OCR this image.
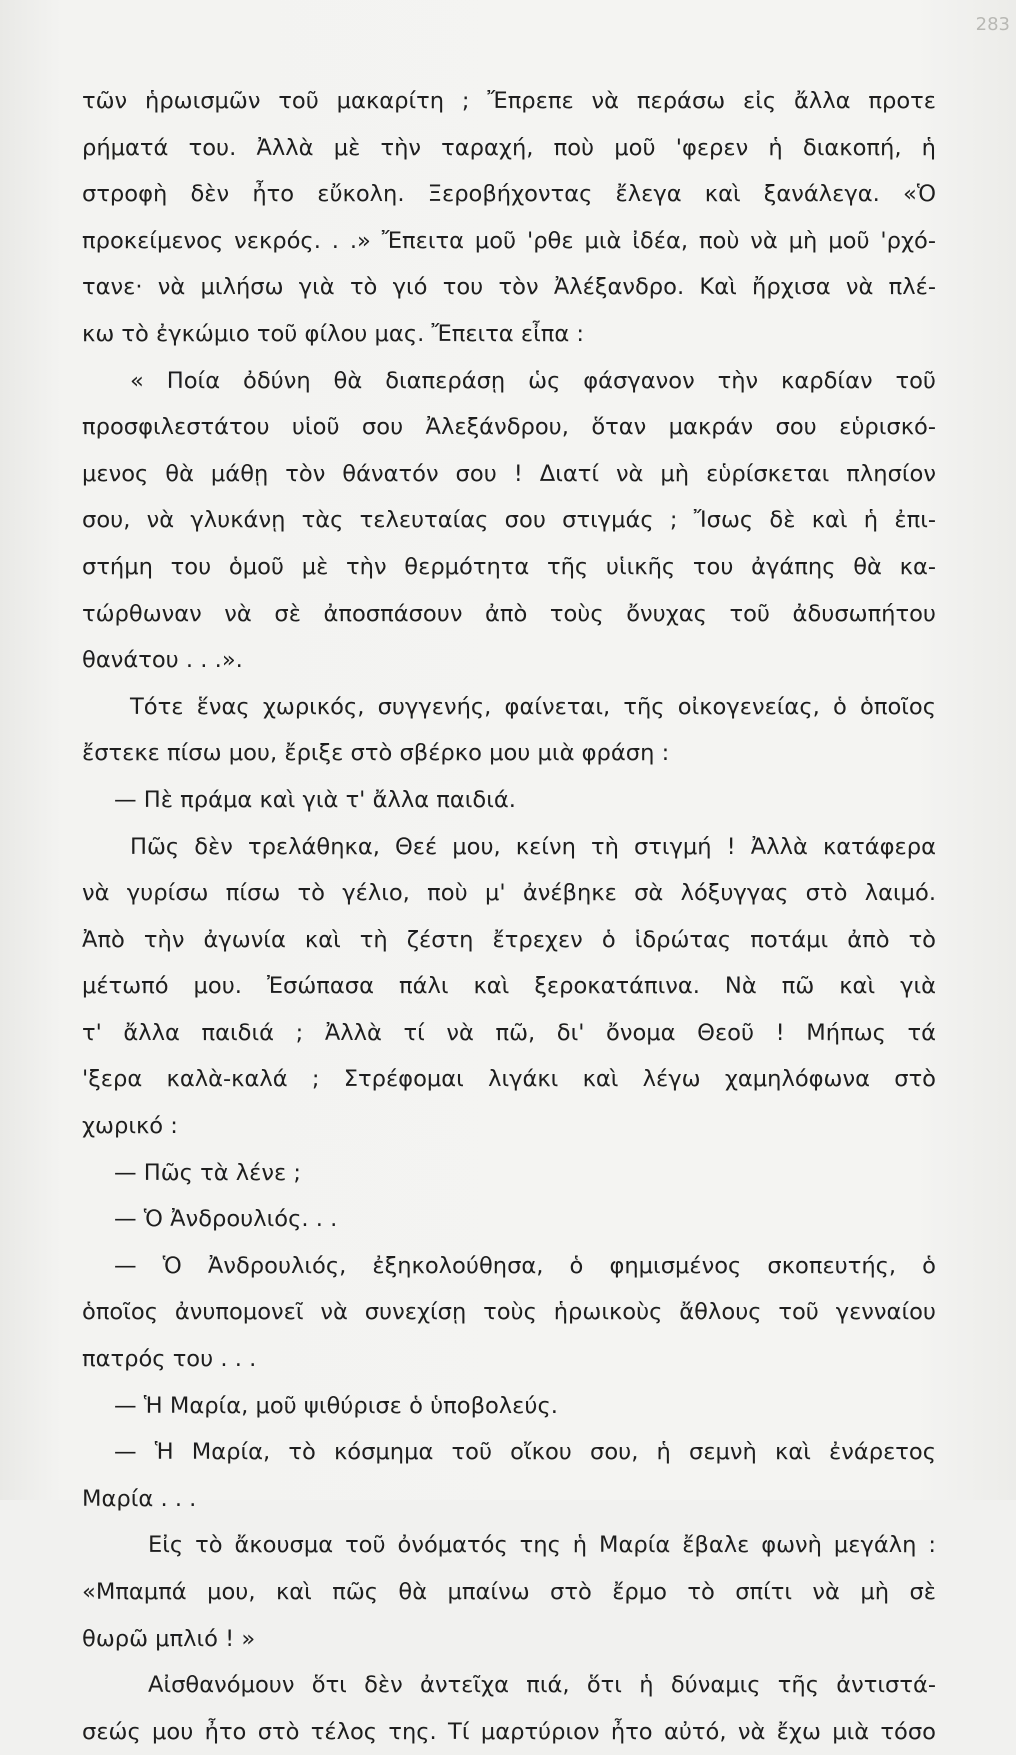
283
τῶν ἡρωισμῶν τοῦ μακαρίτη ; Ἔπρεπε νὰ περάσω εἰς ἄλλα προτε
ρήματά του. Ἀλλὰ μὲ τὴν ταραχή, ποὺ μοῦ 'φερεν ἡ διακοπή, ἡ
στροφὴ δὲν ἦτο εὔκολη. Ξεροβήχοντας ἔλεγα καὶ ξανάλεγα. «Ὁ
προκείμενος νεκρός. . .» Ἔπειτα μοῦ 'ρθε μιὰ ἰδέα, ποὺ νὰ μὴ μοῦ 'ρχό-
τανε· νὰ μιλήσω γιὰ τὸ γιό του τὸν Ἀλέξανδρο. Καὶ ἤρχισα νὰ πλέ-
κω τὸ ἐγκώμιο τοῦ φίλου μας. Ἔπειτα εἶπα :
« Ποία ὀδύνη θὰ διαπεράσῃ ὡς φάσγανον τὴν καρδίαν τοῦ
προσφιλεστάτου υἱοῦ σου Ἀλεξάνδρου, ὅταν μακράν σου εὑρισκό-
μενος θὰ μάθῃ τὸν θάνατόν σου ! Διατί νὰ μὴ εὑρίσκεται πλησίον
σου, νὰ γλυκάνῃ τὰς τελευταίας σου στιγμάς ; Ἴσως δὲ καὶ ἡ ἐπι-
στήμη του ὁμοῦ μὲ τὴν θερμότητα τῆς υἱικῆς του ἀγάπης θὰ κα-
τώρθωναν νὰ σὲ ἀποσπάσουν ἀπὸ τοὺς ὄνυχας τοῦ ἀδυσωπήτου
θανάτου . . .».
Τότε ἕνας χωρικός, συγγενής, φαίνεται, τῆς οἰκογενείας, ὁ ὁποῖος
ἔστεκε πίσω μου, ἔριξε στὸ σβέρκο μου μιὰ φράση :
— Πὲ πράμα καὶ γιὰ τ' ἄλλα παιδιά.
Πῶς δὲν τρελάθηκα, Θεέ μου, κείνη τὴ στιγμή ! Ἀλλὰ κατάφερα
νὰ γυρίσω πίσω τὸ γέλιο, ποὺ μ' ἀνέβηκε σὰ λόξυγγας στὸ λαιμό.
Ἀπὸ τὴν ἀγωνία καὶ τὴ ζέστη ἔτρεχεν ὁ ἱδρώτας ποτάμι ἀπὸ τὸ
μέτωπό μου. Ἐσώπασα πάλι καὶ ξεροκατάπινα. Νὰ πῶ καὶ γιὰ
τ' ἄλλα παιδιά ; Ἀλλὰ τί νὰ πῶ, δι' ὄνομα Θεοῦ ! Μήπως τά
'ξερα καλὰ-καλά ; Στρέφομαι λιγάκι καὶ λέγω χαμηλόφωνα στὸ
χωρικό :
— Πῶς τὰ λένε ;
— Ὁ Ἀνδρουλιός. . .
— Ὁ Ἀνδρουλιός, ἐξηκολούθησα, ὁ φημισμένος σκοπευτής, ὁ
ὁποῖος ἀνυπομονεῖ νὰ συνεχίσῃ τοὺς ἡρωικοὺς ἄθλους τοῦ γενναίου
πατρός του . . .
— Ἡ Μαρία, μοῦ ψιθύρισε ὁ ὑποβολεύς.
— Ἡ Μαρία, τὸ κόσμημα τοῦ οἴκου σου, ἡ σεμνὴ καὶ ἐνάρετος
Μαρία . . .
Εἰς τὸ ἄκουσμα τοῦ ὀνόματός της ἡ Μαρία ἔβαλε φωνὴ μεγάλη :
«Μπαμπά μου, καὶ πῶς θὰ μπαίνω στὸ ἔρμο τὸ σπίτι νὰ μὴ σὲ
θωρῶ μπλιό ! »
Αἰσθανόμουν ὅτι δὲν ἀντεῖχα πιά, ὅτι ἡ δύναμις τῆς ἀντιστά-
σεώς μου ἦτο στὸ τέλος της. Τί μαρτύριον ἦτο αὐτό, νὰ ἔχω μιὰ τόσο
